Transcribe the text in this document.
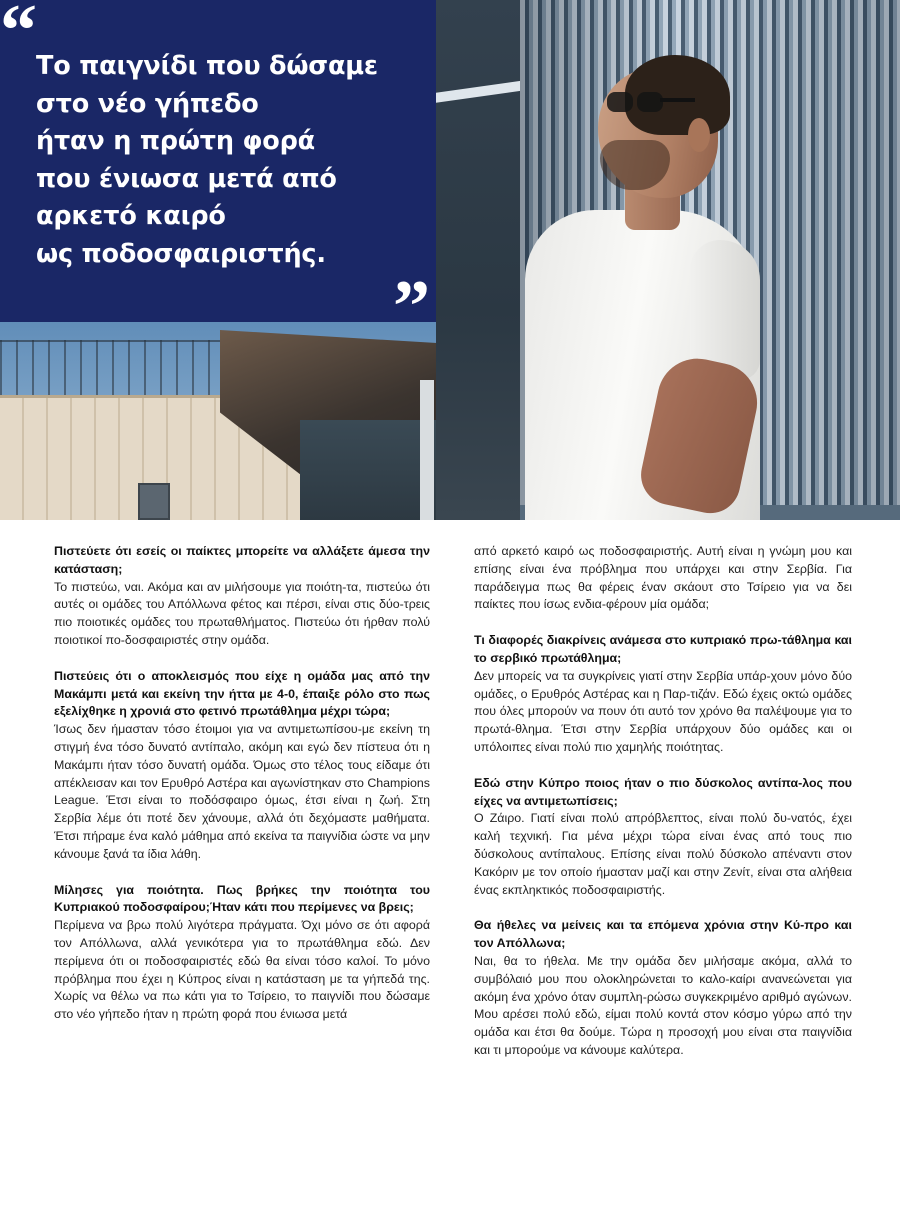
“ Το παιγνίδι που δώσαμε
στο νέο γήπεδο
ήταν η πρώτη φορά
που ένιωσα μετά από
αρκετό καιρό
ως ποδοσφαιριστής.
”

Πιστεύετε ότι εσείς οι παίκτες μπορείτε να αλλάξετε άμεσα την κατάσταση;

Το πιστεύω, ναι. Ακόμα και αν μιλήσουμε για ποιότη-τα, πιστεύω ότι αυτές οι ομάδες του Απόλλωνα φέτος και πέρσι, είναι στις δύο-τρεις πιο ποιοτικές ομάδες του πρωταθλήματος. Πιστεύω ότι ήρθαν πολύ ποιοτικοί πο-δοσφαιριστές στην ομάδα.

Πιστεύεις ότι ο αποκλεισμός που είχε η ομάδα μας από την Μακάμπι μετά και εκείνη την ήττα με 4-0, έπαιξε ρόλο στο πως εξελίχθηκε η χρονιά στο φετινό πρωτάθλημα μέχρι τώρα;

Ίσως δεν ήμασταν τόσο έτοιμοι για να αντιμετωπίσου-με εκείνη τη στιγμή ένα τόσο δυνατό αντίπαλο, ακόμη και εγώ δεν πίστευα ότι η Μακάμπι ήταν τόσο δυνατή ομάδα. Όμως στο τέλος τους είδαμε ότι απέκλεισαν και τον Ερυθρό Αστέρα και αγωνίστηκαν στο Champions League. Έτσι είναι το ποδόσφαιρο όμως, έτσι είναι η ζωή. Στη Σερβία λέμε ότι ποτέ δεν χάνουμε, αλλά ότι δεχόμαστε μαθήματα. Έτσι πήραμε ένα καλό μάθημα από εκείνα τα παιγνίδια ώστε να μην κάνουμε ξανά τα ίδια λάθη.

Μίλησες για ποιότητα. Πως βρήκες την ποιότητα του Κυπριακού ποδοσφαίρου;Ήταν κάτι που περίμενες να βρεις;

Περίμενα να βρω πολύ λιγότερα πράγματα. Όχι μόνο σε ότι αφορά τον Απόλλωνα, αλλά γενικότερα για το πρωτάθλημα εδώ. Δεν περίμενα ότι οι ποδοσφαιριστές εδώ θα είναι τόσο καλοί. Το μόνο πρόβλημα που έχει η Κύπρος είναι η κατάσταση με τα γήπεδά της. Χωρίς να θέλω να πω κάτι για το Τσίρειο, το παιγνίδι που δώσαμε στο νέο γήπεδο ήταν η πρώτη φορά που ένιωσα μετά

από αρκετό καιρό ως ποδοσφαιριστής. Αυτή είναι η γνώμη μου και επίσης είναι ένα πρόβλημα που υπάρχει και στην Σερβία. Για παράδειγμα πως θα φέρεις έναν σκάουτ στο Τσίρειο για να δει παίκτες που ίσως ενδια-φέρουν μία ομάδα;

Τι διαφορές διακρίνεις ανάμεσα στο κυπριακό πρω-τάθλημα και το σερβικό πρωτάθλημα;

Δεν μπορείς να τα συγκρίνεις γιατί στην Σερβία υπάρ-χουν μόνο δύο ομάδες, ο Ερυθρός Αστέρας και η Παρ-τιζάν. Εδώ έχεις οκτώ ομάδες που όλες μπορούν να πουν ότι αυτό τον χρόνο θα παλέψουμε για το πρωτά-θλημα. Έτσι στην Σερβία υπάρχουν δύο ομάδες και οι υπόλοιπες είναι πολύ πιο χαμηλής ποιότητας.

Εδώ στην Κύπρο ποιος ήταν ο πιο δύσκολος αντίπα-λος που είχες να αντιμετωπίσεις;

Ο Ζάιρο. Γιατί είναι πολύ απρόβλεπτος, είναι πολύ δυ-νατός, έχει καλή τεχνική. Για μένα μέχρι τώρα είναι ένας από τους πιο δύσκολους αντίπαλους. Επίσης είναι πολύ δύσκολο απέναντι στον Κακόριν με τον οποίο ήμασταν μαζί και στην Ζενίτ, είναι στα αλήθεια ένας εκπληκτικός ποδοσφαιριστής.

Θα ήθελες να μείνεις και τα επόμενα χρόνια στην Κύ-προ και τον Απόλλωνα;

Ναι, θα το ήθελα. Με την ομάδα δεν μιλήσαμε ακόμα, αλλά το συμβόλαιό μου που ολοκληρώνεται το καλο-καίρι ανανεώνεται για ακόμη ένα χρόνο όταν συμπλη-ρώσω συγκεκριμένο αριθμό αγώνων. Μου αρέσει πολύ εδώ, είμαι πολύ κοντά στον κόσμο γύρω από την ομάδα και έτσι θα δούμε. Τώρα η προσοχή μου είναι στα παιγνίδια και τι μπορούμε να κάνουμε καλύτερα.
